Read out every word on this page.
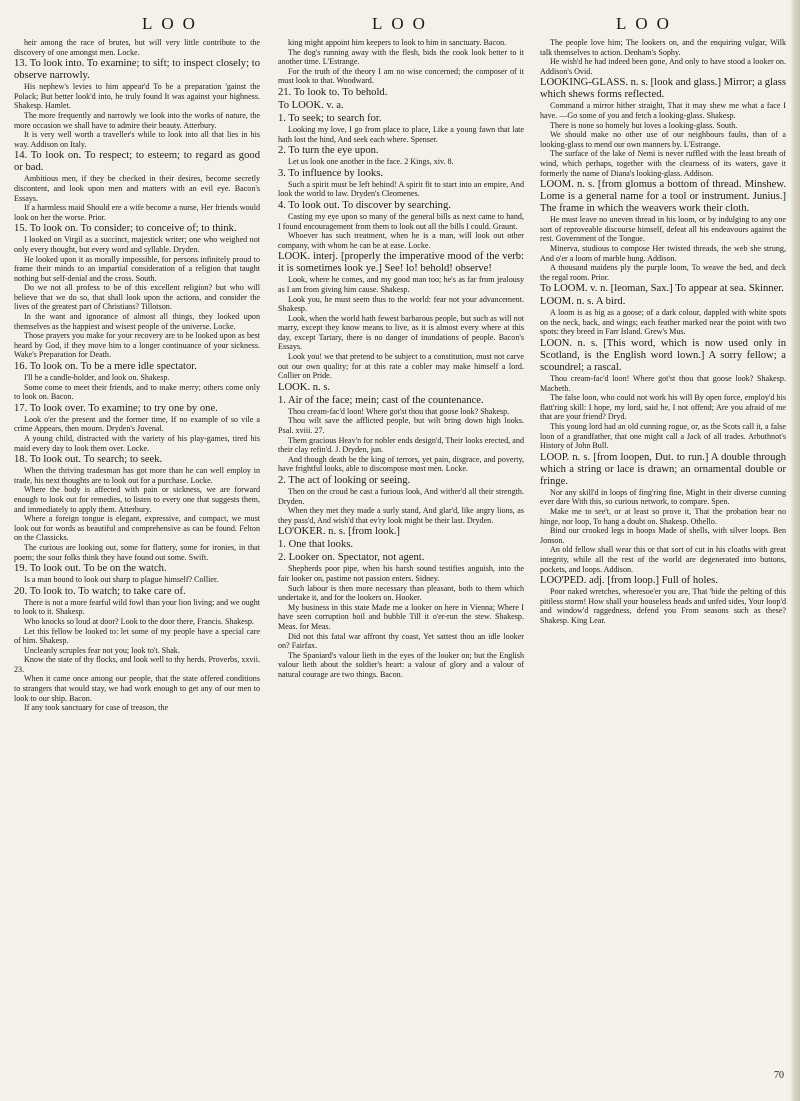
LOO	LOO	LOO

heir among the race of brutes, but will very little contribute to the discovery of one amongst men. Locke.

13. To look into. To examine; to sift; to inspect closely; to observe narrowly.

His nephew's levies to him appear'd To be a preparation 'gainst the Polack; But better look'd into, he truly found It was against your highness. Shakesp. Hamlet.

The more frequently and narrowly we look into the works of nature, the more occasion we shall have to admire their beauty. Atterbury.

It is very well worth a traveller's while to look into all that lies in his way. Addison on Italy.

14. To look on. To respect; to esteem; to regard as good or bad.

Ambitious men, if they be checked in their desires, become secretly discontent, and look upon men and matters with an evil eye. Bacon's Essays.

If a harmless maid Should ere a wife become a nurse, Her friends would look on her the worse. Prior.

15. To look on. To consider; to conceive of; to think.

I looked on Virgil as a succinct, majestick writer; one who weighed not only every thought, but every word and syllable. Dryden.

He looked upon it as morally impossible, for persons infinitely proud to frame their minds to an impartial consideration of a religion that taught nothing but self-denial and the cross. South.

Do we not all profess to be of this excellent religion? but who will believe that we do so, that shall look upon the actions, and consider the lives of the greatest part of Christians? Tillotson.

In the want and ignorance of almost all things, they looked upon themselves as the happiest and wisest people of the universe. Locke.

Those prayers you make for your recovery are to be looked upon as best heard by God, if they move him to a longer continuance of your sickness. Wake's Preparation for Death.

16. To look on. To be a mere idle spectator.

I'll be a candle-holder, and look on. Shakesp.

Some come to meet their friends, and to make merry; others come only to look on. Bacon.

17. To look over. To examine; to try one by one.

Look o'er the present and the former time, If no example of so vile a crime Appears, then mourn. Dryden's Juvenal.

A young child, distracted with the variety of his play-games, tired his maid every day to look them over. Locke.

18. To look out. To search; to seek.

When the thriving tradesman has got more than he can well employ in trade, his next thoughts are to look out for a purchase. Locke.

Where the body is affected with pain or sickness, we are forward enough to look out for remedies, to listen to every one that suggests them, and immediately to apply them. Atterbury.

Where a foreign tongue is elegant, expressive, and compact, we must look out for words as beautiful and comprehensive as can be found. Felton on the Classicks.

The curious are looking out, some for flattery, some for ironies, in that poem; the sour folks think they have found out some. Swift.

19. To look out. To be on the watch.

Is a man bound to look out sharp to plague himself? Collier.

20. To look to. To watch; to take care of.

There is not a more fearful wild fowl than your lion living; and we ought to look to it. Shakesp.

Who knocks so loud at door? Look to the door there, Francis. Shakesp.

Let this fellow be looked to: let some of my people have a special care of him. Shakesp.

Uncleanly scruples fear not you; look to't. Shak.

Know the state of thy flocks, and look well to thy herds. Proverbs, xxvii. 23.

When it came once among our people, that the state offered conditions to strangers that would stay, we had work enough to get any of our men to look to our ship. Bacon.

If any took sanctuary for case of treason, the

king might appoint him keepers to look to him in sanctuary. Bacon.

The dog's running away with the flesh, bids the cook look better to it another time. L'Estrange.

For the truth of the theory I am no wise concerned; the composer of it must look to that. Woodward.

21. To look to. To behold.

To LOOK. v. a.

1. To seek; to search for.

Looking my love, I go from place to place, Like a young fawn that late hath lost the hind, And seek each where. Spenser.

2. To turn the eye upon.

Let us look one another in the face. 2 Kings, xiv. 8.

3. To influence by looks.

Such a spirit must be left behind! A spirit fit to start into an empire, And look the world to law. Dryden's Cleomenes.

4. To look out. To discover by searching.

Casting my eye upon so many of the general bills as next came to hand, I found encouragement from them to look out all the bills I could. Graunt.

Whoever has such treatment, when he is a man, will look out other company, with whom he can be at ease. Locke.

LOOK. interj. [properly the imperative mood of the verb: it is sometimes look ye.] See! lo! behold! observe!

Look, where he comes, and my good man too; he's as far from jealousy as I am from giving him cause. Shakesp.

Look you, he must seem thus to the world: fear not your advancement. Shakesp.

Look, when the world hath fewest barbarous people, but such as will not marry, except they know means to live, as it is almost every where at this day, except Tartary, there is no danger of inundations of people. Bacon's Essays.

Look you! we that pretend to be subject to a constitution, must not carve out our own quality; for at this rate a cobler may make himself a lord. Collier on Pride.

LOOK. n. s.

1. Air of the face; mein; cast of the countenance.

Thou cream-fac'd loon! Where got'st thou that goose look? Shakesp.

Thou wilt save the afflicted people, but wilt bring down high looks. Psal. xviii. 27.

Them gracious Heav'n for nobler ends design'd, Their looks erected, and their clay refin'd. J. Dryden, jun.

And though death be the king of terrors, yet pain, disgrace, and poverty, have frightful looks, able to discompose most men. Locke.

2. The act of looking or seeing.

Then on the croud he cast a furious look, And wither'd all their strength. Dryden.

When they met they made a surly stand, And glar'd, like angry lions, as they pass'd, And wish'd that ev'ry look might be their last. Dryden.

LO'OKER. n. s. [from look.]

1. One that looks.

2. Looker on. Spectator, not agent.

Shepherds poor pipe, when his harsh sound testifies anguish, into the fair looker on, pastime not passion enters. Sidney.

Such labour is then more necessary than pleasant, both to them which undertake it, and for the lookers on. Hooker.

My business in this state Made me a looker on here in Vienna; Where I have seen corruption boil and bubble Till it o'er-run the stew. Shakesp. Meas. for Meas.

Did not this fatal war affront thy coast, Yet sattest thou an idle looker on? Fairfax.

The Spaniard's valour lieth in the eyes of the looker on; but the English valour lieth about the soldier's heart: a valour of glory and a valour of natural courage are two things. Bacon.

The people love him; The lookers on, and the enquiring vulgar, Wilk talk themselves to action. Denham's Sophy.

He wish'd he had indeed been gone, And only to have stood a looker on. Addison's Ovid.

LOOKING-GLASS. n. s. [look and glass.] Mirror; a glass which shews forms reflected.

Command a mirror hither straight, That it may shew me what a face I have. —Go some of you and fetch a looking-glass. Shakesp.

There is none so homely but loves a looking-glass. South.

We should make no other use of our neighbours faults, than of a looking-glass to mend our own manners by. L'Estrange.

The surface of the lake of Nemi is never ruffled with the least breath of wind, which perhaps, together with the clearness of its waters, gave it formerly the name of Diana's looking-glass. Addison.

LOOM. n. s. [from glomus a bottom of thread. Minshew. Lome is a general name for a tool or instrument. Junius.] The frame in which the weavers work their cloth.

He must leave no uneven thread in his loom, or by indulging to any one sort of reproveable discourse himself, defeat all his endeavours against the rest. Government of the Tongue.

Minerva, studious to compose Her twisted threads, the web she strung, And o'er a loom of marble hung. Addison.

A thousand maidens ply the purple loom, To weave the bed, and deck the regal room. Prior.

To LOOM. v. n. [leoman, Sax.] To appear at sea. Skinner.

LOOM. n. s. A bird.

A loom is as big as a goose; of a dark colour, dappled with white spots on the neck, back, and wings; each feather marked near the point with two spots: they breed in Farr Island. Grew's Mus.

LOON. n. s. [This word, which is now used only in Scotland, is the English word lown.] A sorry fellow; a scoundrel; a rascal.

Thou cream-fac'd loon! Where got'st thou that goose look? Shakesp. Macbeth.

The false loon, who could not work his will By open force, employ'd his flatt'ring skill: I hope, my lord, said he, I not offend; Are you afraid of me that are your friend? Dryd.

This young lord had an old cunning rogue, or, as the Scots call it, a false loon of a grandfather, that one might call a Jack of all trades. Arbuthnot's History of John Bull.

LOOP. n. s. [from loopen, Dut. to run.] A double through which a string or lace is drawn; an ornamental double or fringe.

Nor any skill'd in loops of fing'ring fine, Might in their diverse cunning ever dare With this, so curious network, to compare. Spen.

Make me to see't, or at least so prove it, That the probation bear no hinge, nor loop, To hang a doubt on. Shakesp. Othello.

Bind our crooked legs in hoops Made of shells, with silver loops. Ben Jonson.

An old fellow shall wear this or that sort of cut in his cloaths with great integrity, while all the rest of the world are degenerated into buttons, pockets, and loops. Addison.

LOO'PED. adj. [from loop.] Full of holes.

Poor naked wretches, wheresoe'er you are, That 'bide the pelting of this pitiless storm! How shall your houseless heads and unfed sides, Your loop'd and window'd raggedness, defend you From seasons such as these? Shakesp. King Lear.

70
